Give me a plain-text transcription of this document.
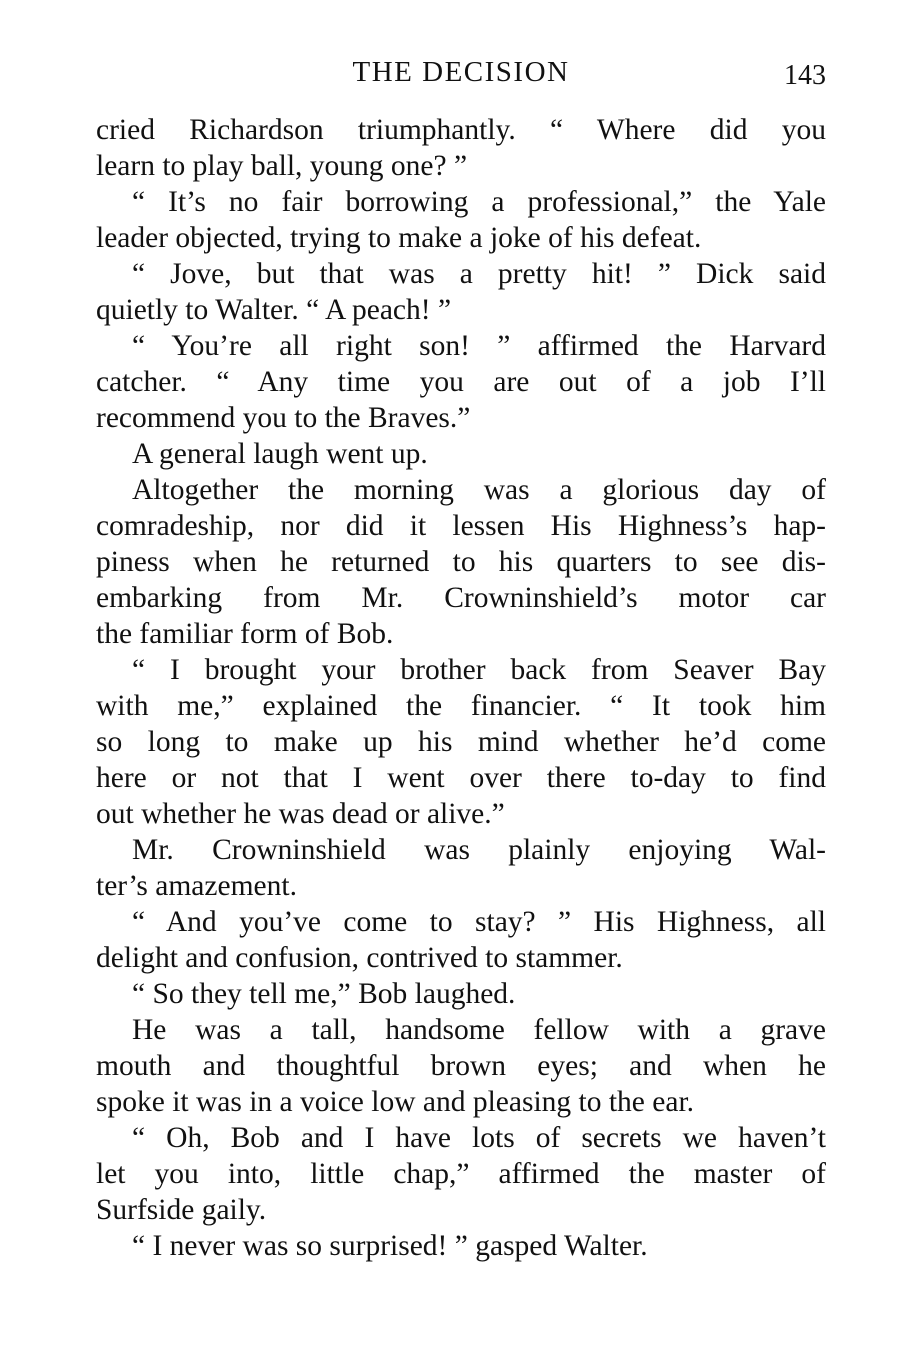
THE DECISION	143
cried Richardson triumphantly. “ Where did you
learn to play ball, young one? ”
“ It’s no fair borrowing a professional,” the Yale
leader objected, trying to make a joke of his defeat.
“ Jove, but that was a pretty hit! ” Dick said
quietly to Walter. “ A peach! ”
“ You’re all right son! ” affirmed the Harvard
catcher. “ Any time you are out of a job I’ll
recommend you to the Braves.”
A general laugh went up.
Altogether the morning was a glorious day of
comradeship, nor did it lessen His Highness’s hap-
piness when he returned to his quarters to see dis-
embarking from Mr. Crowninshield’s motor car
the familiar form of Bob.
“ I brought your brother back from Seaver Bay
with me,” explained the financier. “ It took him
so long to make up his mind whether he’d come
here or not that I went over there to-day to find
out whether he was dead or alive.”
Mr. Crowninshield was plainly enjoying Wal-
ter’s amazement.
“ And you’ve come to stay? ” His Highness, all
delight and confusion, contrived to stammer.
“ So they tell me,” Bob laughed.
He was a tall, handsome fellow with a grave
mouth and thoughtful brown eyes; and when he
spoke it was in a voice low and pleasing to the ear.
“ Oh, Bob and I have lots of secrets we haven’t
let you into, little chap,” affirmed the master of
Surfside gaily.
“ I never was so surprised! ” gasped Walter.
